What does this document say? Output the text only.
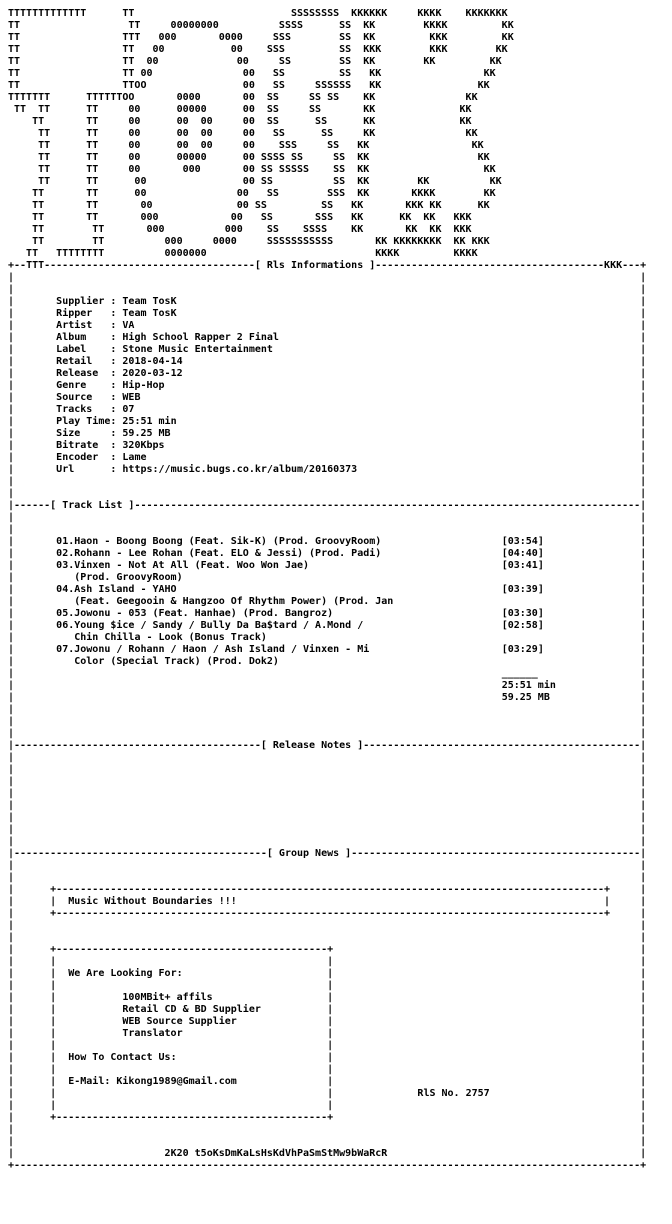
TTTTTTTTTTTTT      TT                          SSSSSSSS  KKKKKK     KKKK    KKKKKKK
TT                  TT     00000000          SSSS      SS  KK        KKKK         KK
TT                 TTT   000       0000     SSS        SS  KK         KKK         KK
TT                 TT   00           00    SSS         SS  KKK        KKK        KK
TT                 TT  00             00     SS        SS  KK        KK         KK
TT                 TT 00               00   SS         SS   KK                 KK
TT                 TTOO                00   SS     SSSSSS   KK                KK
TTTTTTT      TTTTTTOO       0000       00  SS     SS SS    KK               KK
TT  TT      TT     00      00000      00  SS     SS       KK              KK
TT       TT     00      00  00     00  SS      SS      KK              KK
TT      TT     00      00  00     00   SS      SS     KK               KK
TT      TT     00      00  00     00    SSS     SS   KK                 KK
TT      TT     00      00000      00 SSSS SS     SS  KK                  KK
TT      TT     00       000       00 SS SSSSS    SS  KK                   KK
TT      TT      00                00 SS          SS  KK        KK          KK
TT       TT      00               00   SS        SSS  KK       KKKK        KK
TT       TT       00              00 SS         SS   KK       KKK KK      KK
TT       TT       000            00   SS       SSS   KK      KK  KK   KKK
TT        TT       000          000    SS    SSSS    KK       KK  KK  KKK
TT        TT          000     0000     SSSSSSSSSSS       KK KKKKKKKK  KK KKK
TT   TTTTTTTT          0000000                            KKKK         KKKK
+--TTT-----------------------------------[ Rls Informations ]--------------------------------------KKK---+
|                                                                                                        |
|                                                                                                        |
|       Supplier : Team TosK	|
|       Ripper   : Team TosK	|
|       Artist   : VA	|
|       Album    : High School Rapper 2 Final	|
|       Label    : Stone Music Entertainment	|
|       Retail   : 2018-04-14	|
|       Release  : 2020-03-12	|
|       Genre    : Hip-Hop	|
|       Source   : WEB	|
|       Tracks   : 07	|
|       Play Time: 25:51 min	|
|       Size     : 59.25 MB	|
|       Bitrate  : 320Kbps	|
|       Encoder  : Lame	|
|       Url      : https://music.bugs.co.kr/album/20160373	|
|                                                                                                        |
|                                                                                                        |
|------[ Track List ]------------------------------------------------------------------------------------|
|                                                                                                        |
|                                                                                                        |
|       01.Haon - Boong Boong (Feat. Sik-K) (Prod. GroovyRoom)	[03:54]	|
|       02.Rohann - Lee Rohan (Feat. ELO & Jessi) (Prod. Padi)	[04:40]	|
|       03.Vinxen - Not At All (Feat. Woo Won Jae)	[03:41]	|
|          (Prod. GroovyRoom)	|
|       04.Ash Island - YAHO	[03:39]	|
|          (Feat. Geegooin & Hangzoo Of Rhythm Power) (Prod. Jan	|
|       05.Jowonu - 053 (Feat. Hanhae) (Prod. Bangroz)	[03:30]	|
|       06.Young $ice / Sandy / Bully Da Ba$tard / A.Mond /	[02:58]	|
|          Chin Chilla - Look (Bonus Track)	|
|       07.Jowonu / Rohann / Haon / Ash Island / Vinxen - Mi	[03:29]	|
|          Color (Special Track) (Prod. Dok2)	|
|                                                                                 ______	|
|                                                                                 25:51 min	|
|                                                                                 59.25 MB	|
|                                                                                                        |
|                                                                                                        |
|                                                                                                        |
|-----------------------------------------[ Release Notes ]----------------------------------------------|
|                                                                                                        |
|                                                                                                        |
|                                                                                                        |
|                                                                                                        |
|                                                                                                        |
|                                                                                                        |
|                                                                                                        |
|                                                                                                        |
|------------------------------------------[ Group News ]------------------------------------------------|
|                                                                                                        |
|                                                                                                        |
|      +-------------------------------------------------------------------------------------------+     |
|      |  Music Without Boundaries !!!	|     |
|      +-------------------------------------------------------------------------------------------+     |
|                                                                                                        |
|                                                                                                        |
|      +---------------------------------------------+                                                   |
|      |                                             |	|
|      |  We Are Looking For:                        |	|
|      |                                             |	|
|      |           100MBit+ affils                   |	|
|      |           Retail CD & BD Supplier           |	|
|      |           WEB Source Supplier               |	|
|      |           Translator                        |	|
|      |                                             |	|
|      |  How To Contact Us:                         |	|
|      |                                             |	|
|      |  E-Mail: Kikong1989@Gmail.com               |	|
|      |                                             |	RlS No. 2757	|
|      |                                             |	|
|      +---------------------------------------------+                                                   |
|                                                                                                        |
|                                                                                                        |
|                         2K20 t5oKsDmKaLsHsKdVhPaSmStMw9bWaRcR	|
+--------------------------------------------------------------------------------------------------------+
